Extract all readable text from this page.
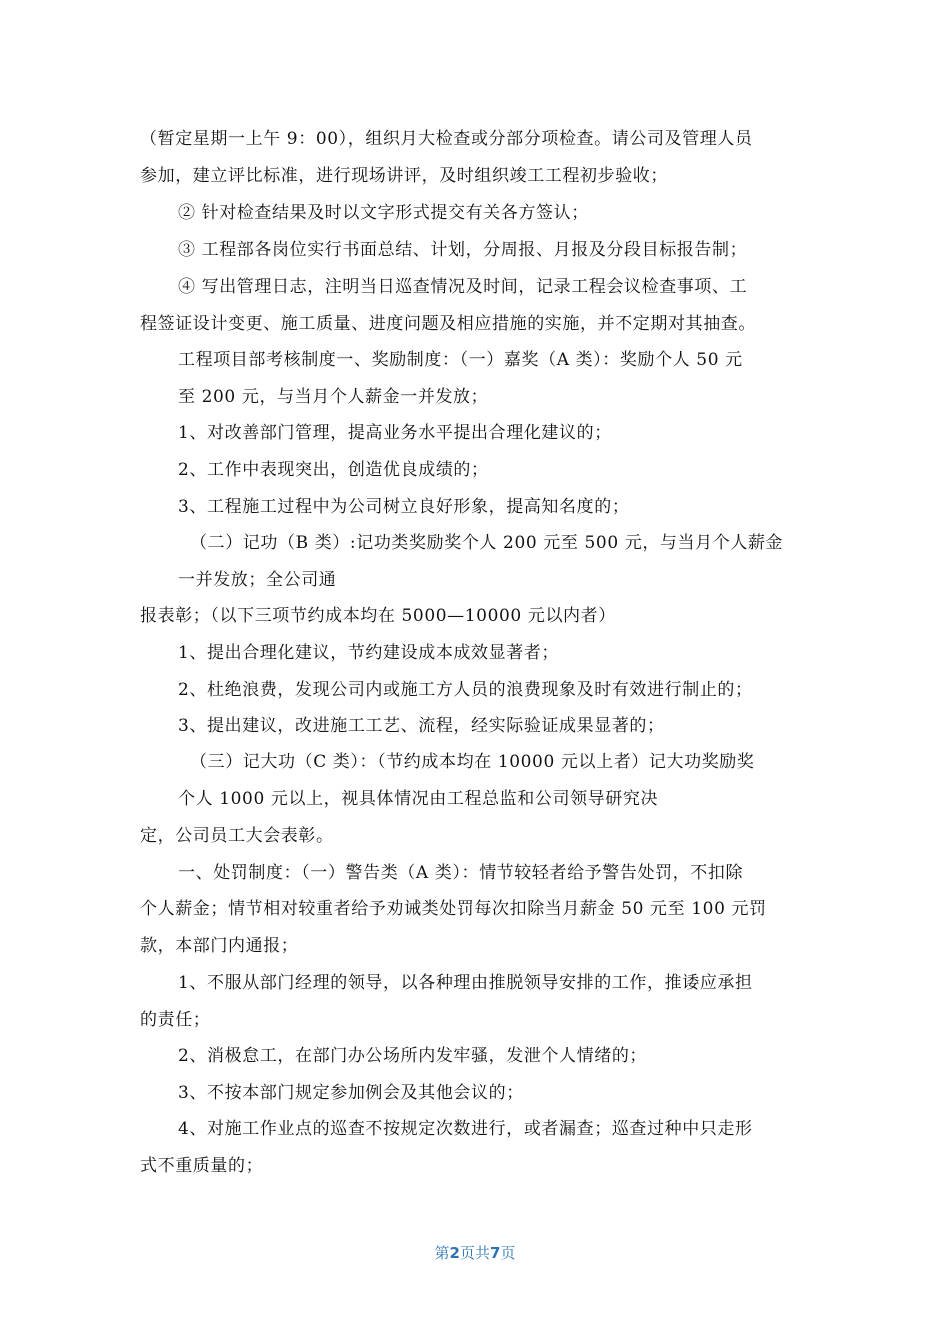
（暂定星期一上午 9：00），组织月大检查或分部分项检查。请公司及管理人员
参加，建立评比标准，进行现场讲评，及时组织竣工工程初步验收；
② 针对检查结果及时以文字形式提交有关各方签认；
③ 工程部各岗位实行书面总结、计划，分周报、月报及分段目标报告制；
④ 写出管理日志，注明当日巡查情况及时间，记录工程会议检查事项、工
程签证设计变更、施工质量、进度问题及相应措施的实施，并不定期对其抽查。
工程项目部考核制度一、奖励制度：（一）嘉奖（A 类）：奖励个人 50 元
至 200 元，与当月个人薪金一并发放；
1、对改善部门管理，提高业务水平提出合理化建议的；
2、工作中表现突出，创造优良成绩的；
3、工程施工过程中为公司树立良好形象，提高知名度的；
（二）记功（B 类）:记功类奖励奖个人 200 元至 500 元，与当月个人薪金
一并发放；全公司通
报表彰；（以下三项节约成本均在 5000—10000 元以内者）
1、提出合理化建议，节约建设成本成效显著者；
2、杜绝浪费，发现公司内或施工方人员的浪费现象及时有效进行制止的；
3、提出建议，改进施工工艺、流程，经实际验证成果显著的；
（三）记大功（C 类）：（节约成本均在 10000 元以上者）记大功奖励奖
个人 1000 元以上，视具体情况由工程总监和公司领导研究决
定，公司员工大会表彰。
一、处罚制度：（一）警告类（A 类）：情节较轻者给予警告处罚，不扣除
个人薪金；情节相对较重者给予劝诫类处罚每次扣除当月薪金 50 元至 100 元罚
款，本部门内通报；
1、不服从部门经理的领导，以各种理由推脱领导安排的工作，推诿应承担
的责任；
2、消极怠工，在部门办公场所内发牢骚，发泄个人情绪的；
3、不按本部门规定参加例会及其他会议的；
4、对施工作业点的巡查不按规定次数进行，或者漏查；巡查过种中只走形
式不重质量的；
第2页共7页
